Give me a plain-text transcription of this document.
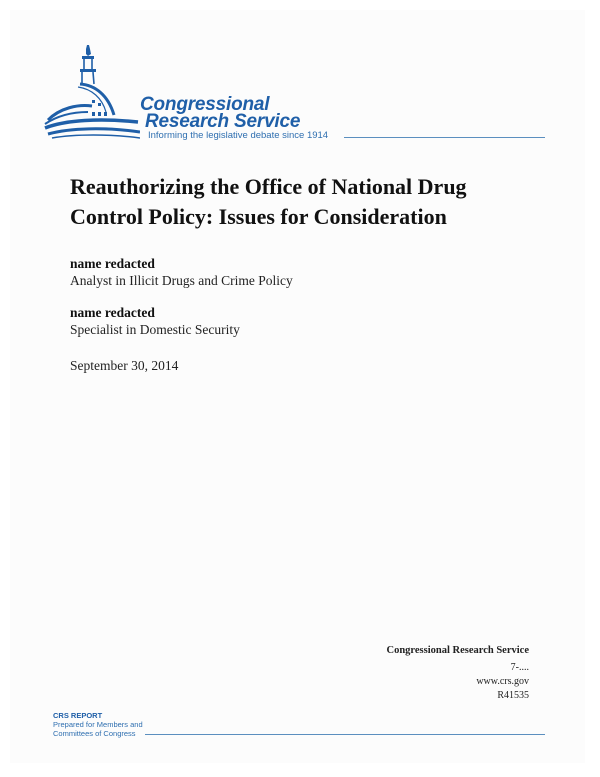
Congressional
Research Service
Informing the legislative debate since 1914
Reauthorizing the Office of National Drug
Control Policy: Issues for Consideration
name redacted
Analyst in Illicit Drugs and Crime Policy
name redacted
Specialist in Domestic Security
September 30, 2014
Congressional Research Service
7-....
www.crs.gov
R41535
CRS REPORT
Prepared for Members and
Committees of Congress
